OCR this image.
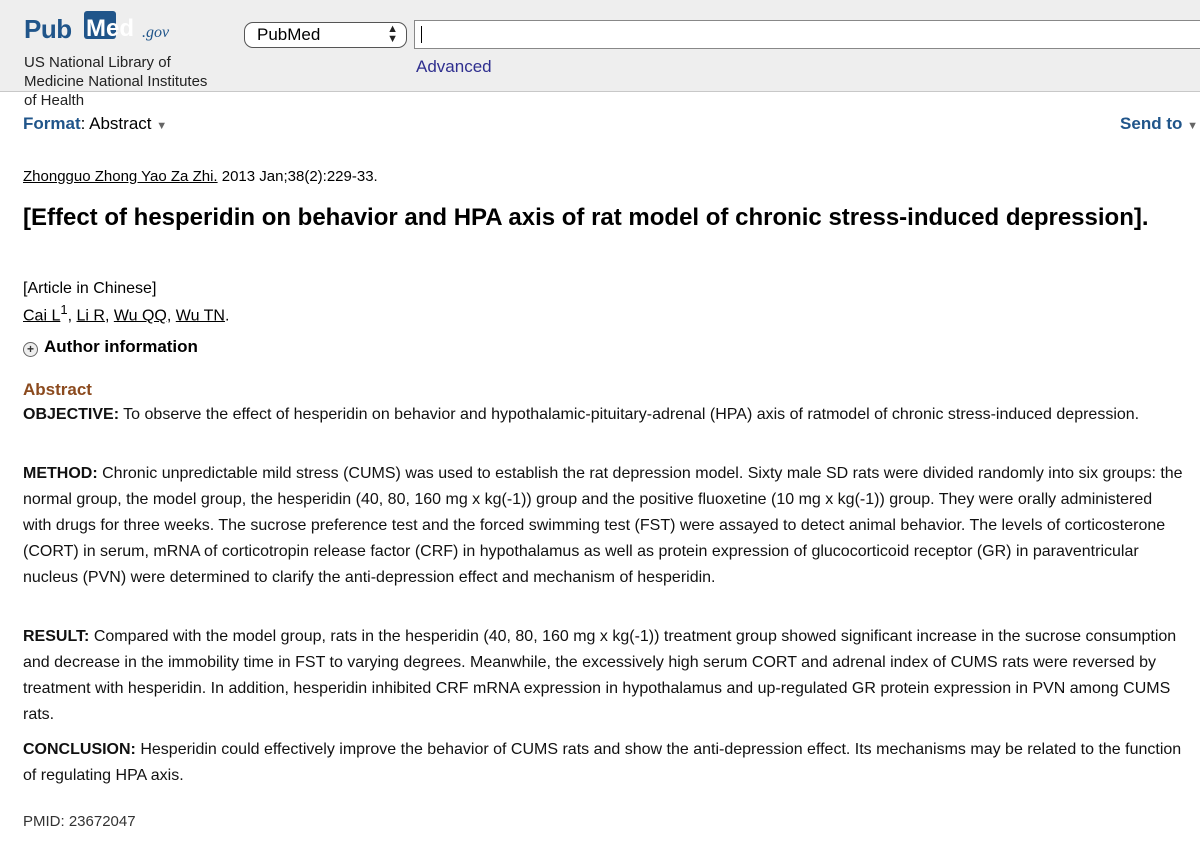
Pub Med .gov
US National Library of
Medicine National Institutes
of Health
PubMed	▲
▼
Advanced
Format: Abstract ▼	Send to ▼
Zhongguo Zhong Yao Za Zhi. 2013 Jan;38(2):229-33.
[Effect of hesperidin on behavior and HPA axis of rat model of chronic stress-induced depression].
[Article in Chinese]
Cai $L^1$, Li R, Wu QQ, Wu TN.
+ Author information
Abstract
OBJECTIVE: To observe the effect of hesperidin on behavior and hypothalamic-pituitary-adrenal (HPA) axis of ratmodel of chronic stress-induced depression.
METHOD: Chronic unpredictable mild stress (CUMS) was used to establish the rat depression model. Sixty male SD rats were divided randomly into six groups: the normal group, the model group, the hesperidin (40, 80, 160 mg x kg(-1)) group and the positive fluoxetine (10 mg x kg(-1)) group. They were orally administered with drugs for three weeks. The sucrose preference test and the forced swimming test (FST) were assayed to detect animal behavior. The levels of corticosterone (CORT) in serum, mRNA of corticotropin release factor (CRF) in hypothalamus as well as protein expression of glucocorticoid receptor (GR) in paraventricular nucleus (PVN) were determined to clarify the anti-depression effect and mechanism of hesperidin.
RESULT: Compared with the model group, rats in the hesperidin (40, 80, 160 mg x kg(-1)) treatment group showed significant increase in the sucrose consumption and decrease in the immobility time in FST to varying degrees. Meanwhile, the excessively high serum CORT and adrenal index of CUMS rats were reversed by treatment with hesperidin. In addition, hesperidin inhibited CRF mRNA expression in hypothalamus and up-regulated GR protein expression in PVN among CUMS rats.
CONCLUSION: Hesperidin could effectively improve the behavior of CUMS rats and show the anti-depression effect. Its mechanisms may be related to the function of regulating HPA axis.
PMID: 23672047
